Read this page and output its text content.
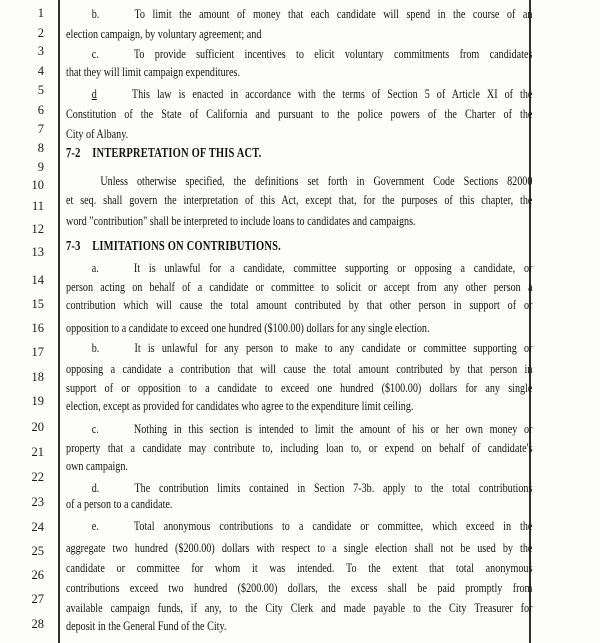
1
2
3
4
5
6
7
8
9
10
11
12
13
14
15
16
17
18
19
20
21
22
23
24
25
26
27
28
b.	To limit the amount of money that each candidate will spend in the course of an
election campaign, by voluntary agreement; and
c.	To provide sufficient incentives to elicit voluntary commitments from candidates
that they will limit campaign expenditures.
d	This law is enacted in accordance with the terms of Section 5 of Article XI of the
Constitution of the State of California and pursuant to the police powers of the Charter of the
City of Albany.
7-2 INTERPRETATION OF THIS ACT.
Unless otherwise specified, the definitions set forth in Government Code Sections 82000
et seq. shall govern the interpretation of this Act, except that, for the purposes of this chapter, the
word "contribution" shall be interpreted to include loans to candidates and campaigns.
7-3 LIMITATIONS ON CONTRIBUTIONS.
a.	It is unlawful for a candidate, committee supporting or opposing a candidate, or
person acting on behalf of a candidate or committee to solicit or accept from any other person a
contribution which will cause the total amount contributed by that other person in support of or
opposition to a candidate to exceed one hundred ($100.00) dollars for any single election.
b.	It is unlawful for any person to make to any candidate or committee supporting or
opposing a candidate a contribution that will cause the total amount contributed by that person in
support of or opposition to a candidate to exceed one hundred ($100.00) dollars for any single
election, except as provided for candidates who agree to the expenditure limit ceiling.
c.	Nothing in this section is intended to limit the amount of his or her own money or
property that a candidate may contribute to, including loan to, or expend on behalf of candidate's
own campaign.
d.	The contribution limits contained in Section 7-3b. apply to the total contributions
of a person to a candidate.
e.	Total anonymous contributions to a candidate or committee, which exceed in the
aggregate two hundred ($200.00) dollars with respect to a single election shall not be used by the
candidate or committee for whom it was intended. To the extent that total anonymous
contributions exceed two hundred ($200.00) dollars, the excess shall be paid promptly from
available campaign funds, if any, to the City Clerk and made payable to the City Treasurer for
deposit in the General Fund of the City.
